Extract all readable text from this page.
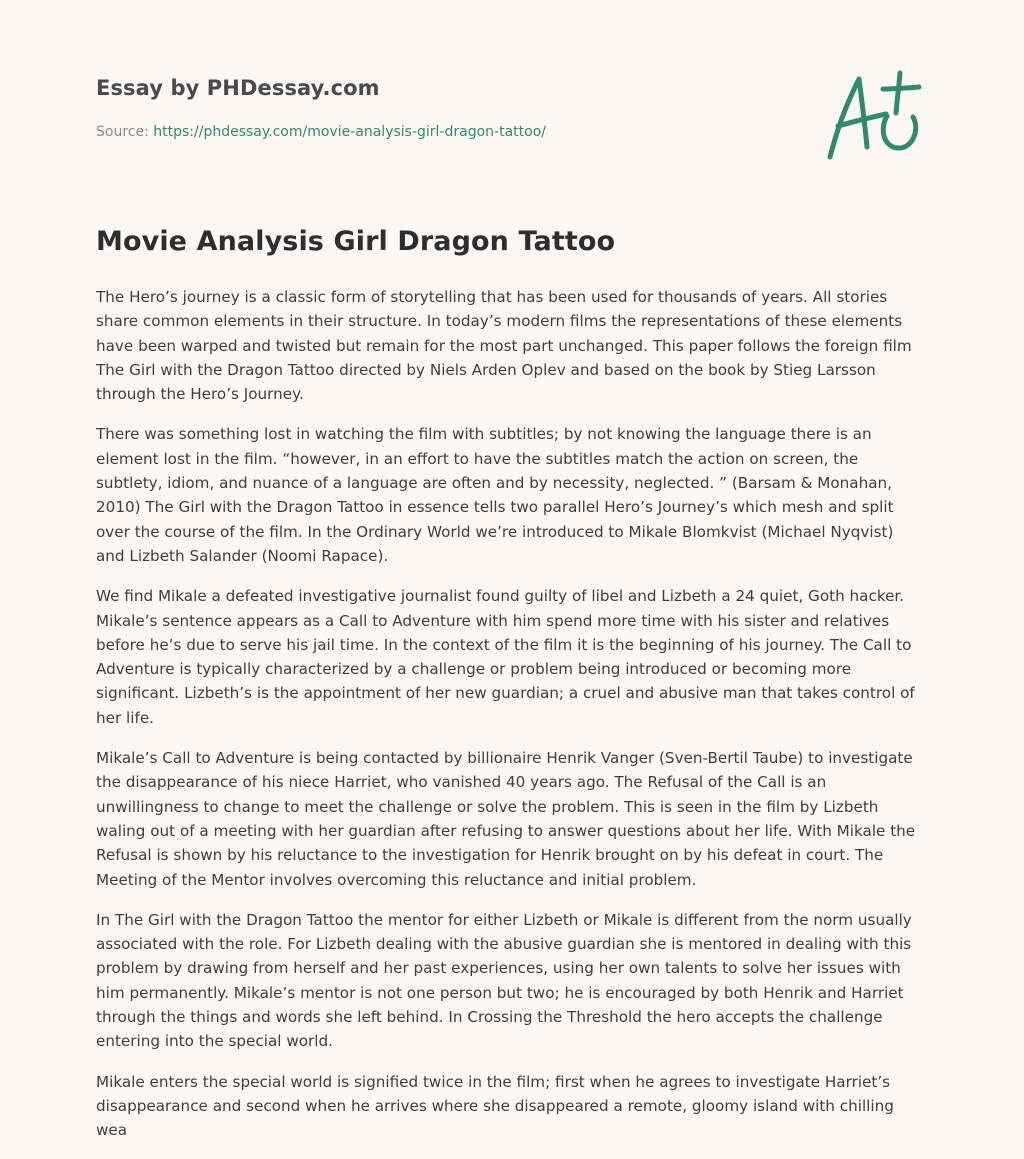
Essay by PHDessay.com
Source: https://phdessay.com/movie-analysis-girl-dragon-tattoo/
Movie Analysis Girl Dragon Tattoo

The Hero’s journey is a classic form of storytelling that has been used for thousands of years. All stories share common elements in their structure. In today’s modern films the representations of these elements have been warped and twisted but remain for the most part unchanged. This paper follows the foreign film The Girl with the Dragon Tattoo directed by Niels Arden Oplev and based on the book by Stieg Larsson through the Hero’s Journey.

There was something lost in watching the film with subtitles; by not knowing the language there is an element lost in the film. “however, in an effort to have the subtitles match the action on screen, the subtlety, idiom, and nuance of a language are often and by necessity, neglected. ” (Barsam & Monahan, 2010) The Girl with the Dragon Tattoo in essence tells two parallel Hero’s Journey’s which mesh and split over the course of the film. In the Ordinary World we’re introduced to Mikale Blomkvist (Michael Nyqvist) and Lizbeth Salander (Noomi Rapace).

We find Mikale a defeated investigative journalist found guilty of libel and Lizbeth a 24 quiet, Goth hacker. Mikale’s sentence appears as a Call to Adventure with him spend more time with his sister and relatives before he’s due to serve his jail time. In the context of the film it is the beginning of his journey. The Call to Adventure is typically characterized by a challenge or problem being introduced or becoming more significant. Lizbeth’s is the appointment of her new guardian; a cruel and abusive man that takes control of her life.

Mikale’s Call to Adventure is being contacted by billionaire Henrik Vanger (Sven-Bertil Taube) to investigate the disappearance of his niece Harriet, who vanished 40 years ago. The Refusal of the Call is an unwillingness to change to meet the challenge or solve the problem. This is seen in the film by Lizbeth waling out of a meeting with her guardian after refusing to answer questions about her life. With Mikale the Refusal is shown by his reluctance to the investigation for Henrik brought on by his defeat in court. The Meeting of the Mentor involves overcoming this reluctance and initial problem.

In The Girl with the Dragon Tattoo the mentor for either Lizbeth or Mikale is different from the norm usually associated with the role. For Lizbeth dealing with the abusive guardian she is mentored in dealing with this problem by drawing from herself and her past experiences, using her own talents to solve her issues with him permanently. Mikale’s mentor is not one person but two; he is encouraged by both Henrik and Harriet through the things and words she left behind. In Crossing the Threshold the hero accepts the challenge entering into the special world.

Mikale enters the special world is signified twice in the film; first when he agrees to investigate Harriet’s disappearance and second when he arrives where she disappeared a remote, gloomy island with chilling wea
